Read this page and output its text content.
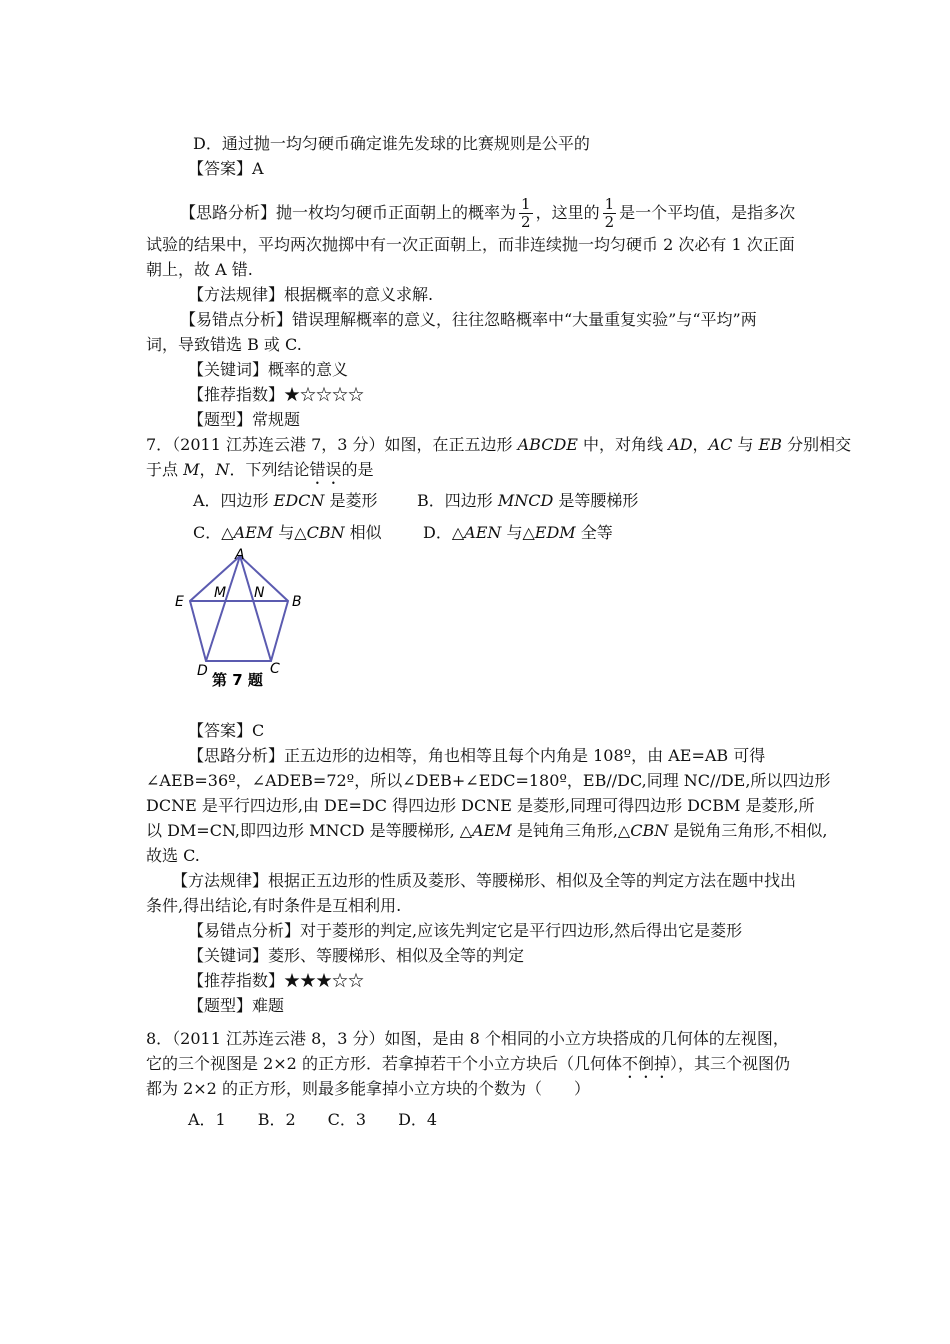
D．通过抛一均匀硬币确定谁先发球的比赛规则是公平的
【答案】A
【思路分析】抛一枚均匀硬币正面朝上的概率为 $\frac{1}{2}$ ，这里的 $\frac{1}{2}$ 是一个平均值，是指多次
试验的结果中，平均两次抛掷中有一次正面朝上，而非连续抛一均匀硬币 2 次必有 1 次正面
朝上，故 A 错.
【方法规律】根据概率的意义求解.
【易错点分析】错误理解概率的意义，往往忽略概率中“大量重复实验”与“平均”两
词，导致错选 B 或 C.
【关键词】概率的意义
【推荐指数】★☆☆☆☆
【题型】常规题
7．（2011 江苏连云港 7，3 分）如图，在正五边形 ABCDE 中，对角线 AD，AC 与 EB 分别相交
于点 M，N．下列结论错误的是
A．四边形 EDCN 是菱形 B．四边形 MNCD 是等腰梯形
C．△AEM 与△CBN 相似	D．△AEN 与△EDM 全等
A
M N
E	B
D	C
第 7 题
【答案】C
【思路分析】正五边形的边相等，角也相等且每个内角是 108º，由 AE=AB 可得
∠AEB=36º，∠ADEB=72º，所以∠DEB+∠EDC=180º，EB//DC,同理 NC//DE,所以四边形
DCNE 是平行四边形,由 DE=DC 得四边形 DCNE 是菱形,同理可得四边形 DCBM 是菱形,所
以 DM=CN,即四边形 MNCD 是等腰梯形, △AEM 是钝角三角形,△CBN 是锐角三角形,不相似,
故选 C.
【方法规律】根据正五边形的性质及菱形、等腰梯形、相似及全等的判定方法在题中找出
条件,得出结论,有时条件是互相利用.
【易错点分析】对于菱形的判定,应该先判定它是平行四边形,然后得出它是菱形
【关键词】菱形、等腰梯形、相似及全等的判定
【推荐指数】★★★☆☆
【题型】难题
8．（2011 江苏连云港 8，3 分）如图，是由 8 个相同的小立方块搭成的几何体的左视图，
它的三个视图是 2×2 的正方形．若拿掉若干个小立方块后（几何体不倒掉），其三个视图仍
都为 2×2 的正方形，则最多能拿掉小立方块的个数为（　　）
A．1　　B．2　　C．3　　D．4
